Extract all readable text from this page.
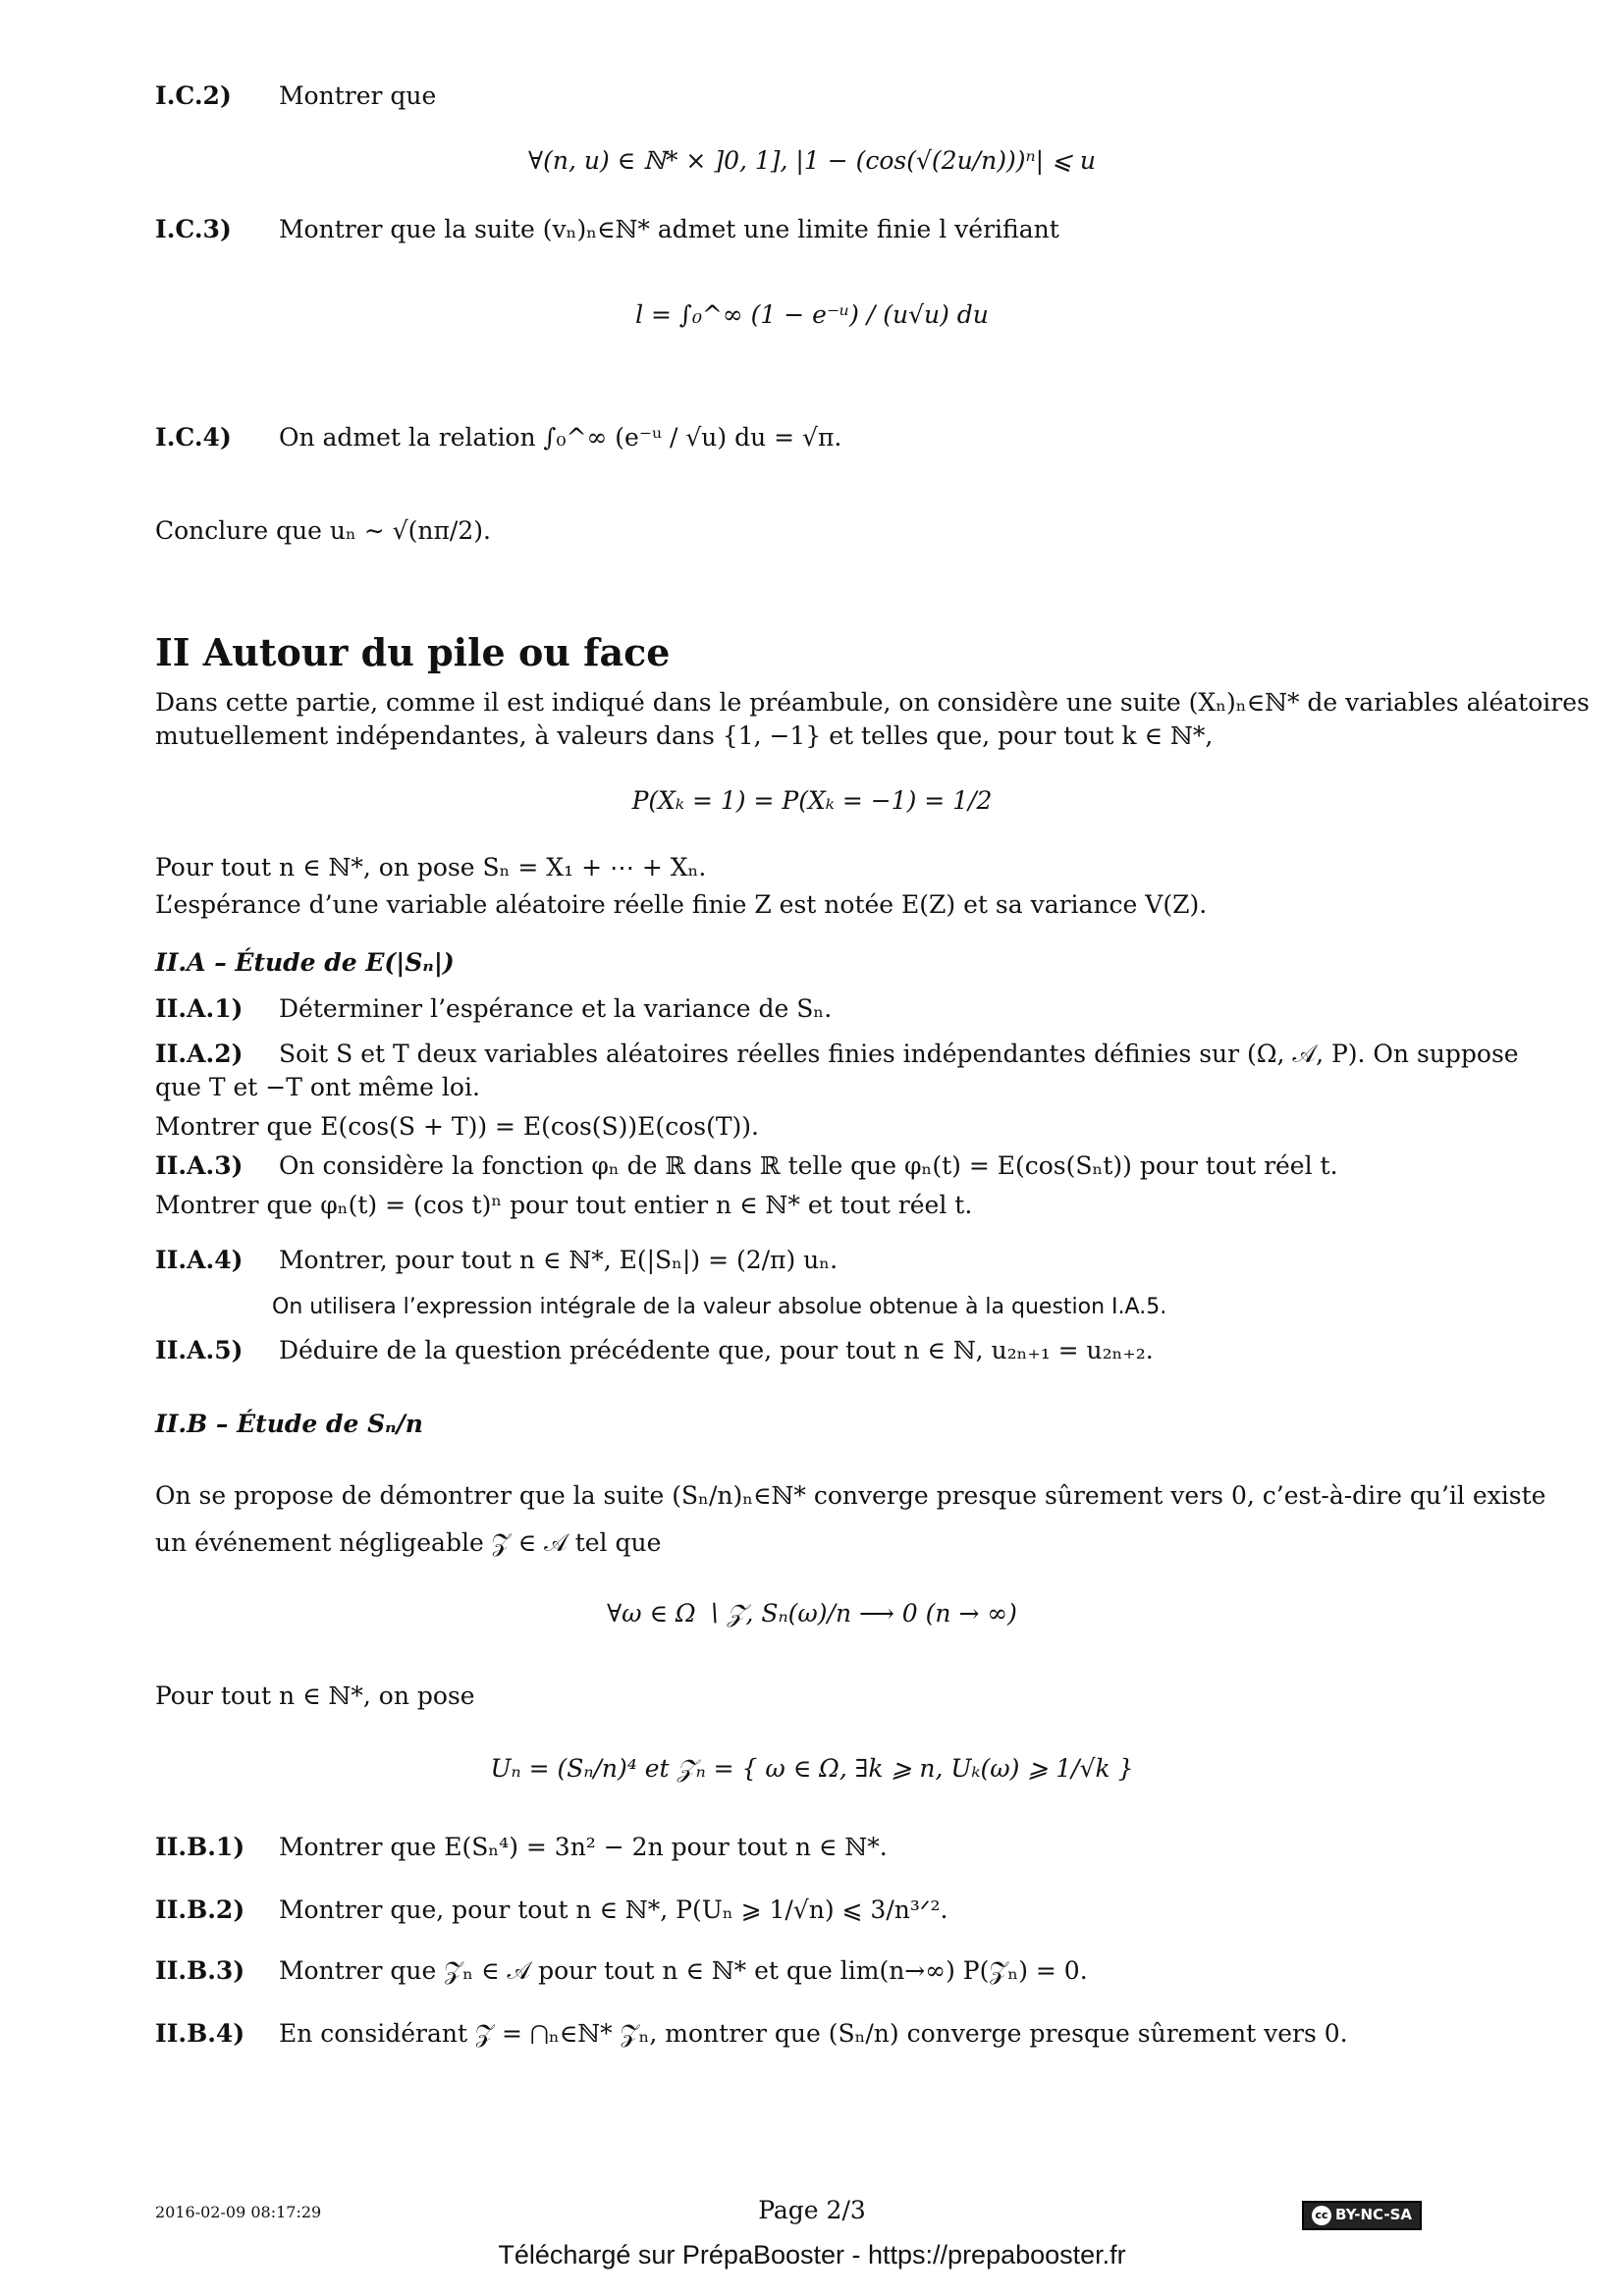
I.C.2) Montrer que
∀(n, u) ∈ ℕ* × ]0, 1], |1 − (cos(√(2u/n)))ⁿ| ⩽ u
I.C.3) Montrer que la suite (vₙ)ₙ∈ℕ* admet une limite finie l vérifiant
l = ∫₀^∞ (1 − e⁻ᵘ) / (u√u) du
I.C.4) On admet la relation ∫₀^∞ (e⁻ᵘ / √u) du = √π.
Conclure que uₙ ∼ √(nπ/2).
II Autour du pile ou face
Dans cette partie, comme il est indiqué dans le préambule, on considère une suite (Xₙ)ₙ∈ℕ* de variables aléatoires
mutuellement indépendantes, à valeurs dans {1, −1} et telles que, pour tout k ∈ ℕ*,
P(Xₖ = 1) = P(Xₖ = −1) = 1/2
Pour tout n ∈ ℕ*, on pose Sₙ = X₁ + ⋯ + Xₙ.
L’espérance d’une variable aléatoire réelle finie Z est notée E(Z) et sa variance V(Z).
II.A – Étude de E(|Sₙ|)
II.A.1) Déterminer l’espérance et la variance de Sₙ.
II.A.2) Soit S et T deux variables aléatoires réelles finies indépendantes définies sur (Ω, 𝒜, P). On suppose
que T et −T ont même loi.
Montrer que E(cos(S + T)) = E(cos(S))E(cos(T)).
II.A.3) On considère la fonction φₙ de ℝ dans ℝ telle que φₙ(t) = E(cos(Sₙt)) pour tout réel t.
Montrer que φₙ(t) = (cos t)ⁿ pour tout entier n ∈ ℕ* et tout réel t.
II.A.4) Montrer, pour tout n ∈ ℕ*, E(|Sₙ|) = (2/π) uₙ.
On utilisera l’expression intégrale de la valeur absolue obtenue à la question I.A.5.
II.A.5) Déduire de la question précédente que, pour tout n ∈ ℕ, u₂ₙ₊₁ = u₂ₙ₊₂.
II.B – Étude de Sₙ/n
On se propose de démontrer que la suite (Sₙ/n)ₙ∈ℕ* converge presque sûrement vers 0, c’est-à-dire qu’il existe
un événement négligeable 𝒵 ∈ 𝒜 tel que
∀ω ∈ Ω ∖ 𝒵, Sₙ(ω)/n ⟶ 0 (n → ∞)
Pour tout n ∈ ℕ*, on pose
Uₙ = (Sₙ/n)⁴ et 𝒵ₙ = { ω ∈ Ω, ∃k ⩾ n, Uₖ(ω) ⩾ 1/√k }
II.B.1) Montrer que E(Sₙ⁴) = 3n² − 2n pour tout n ∈ ℕ*.
II.B.2) Montrer que, pour tout n ∈ ℕ*, P(Uₙ ⩾ 1/√n) ⩽ 3/n³ᐟ².
II.B.3) Montrer que 𝒵ₙ ∈ 𝒜 pour tout n ∈ ℕ* et que lim(n→∞) P(𝒵ₙ) = 0.
II.B.4) En considérant 𝒵 = ⋂ₙ∈ℕ* 𝒵ₙ, montrer que (Sₙ/n) converge presque sûrement vers 0.
2016-02-09 08:17:29	Page 2/3	cc BY-NC-SA
Téléchargé sur PrépaBooster - https://prepabooster.fr
